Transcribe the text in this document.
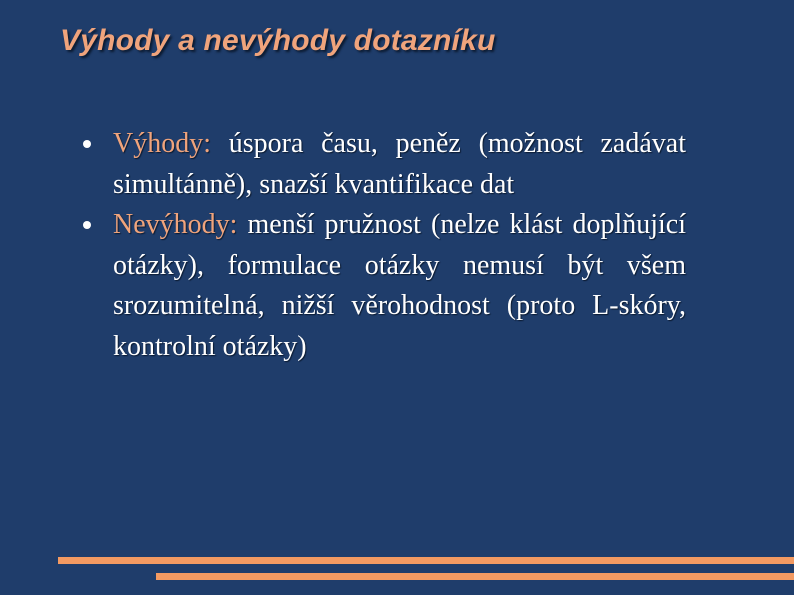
Výhody a nevýhody dotazníku
Výhody: úspora času, peněz (možnost zadávat simultánně), snazší kvantifikace dat
Nevýhody: menší pružnost (nelze klást doplňující otázky), formulace otázky nemusí být všem srozumitelná, nižší věrohodnost (proto L-skóry, kontrolní otázky)
